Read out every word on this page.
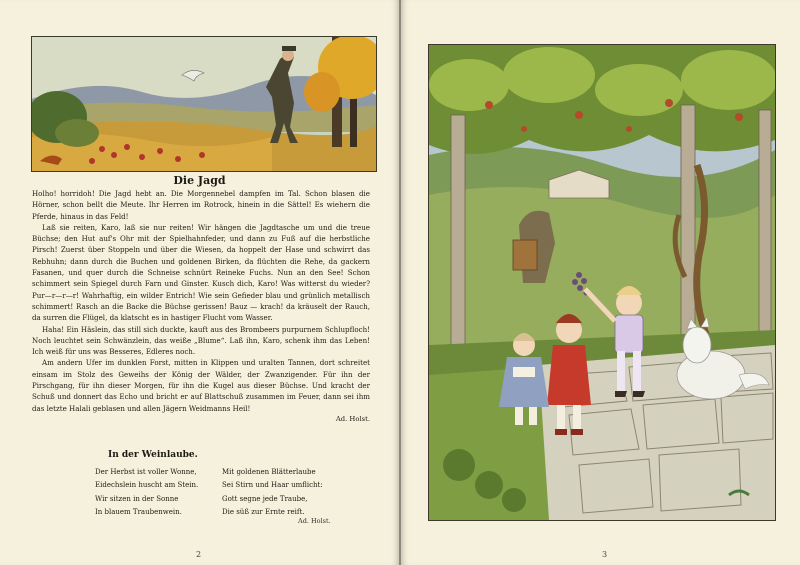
Die Jagd

Holho! horridoh! Die Jagd hebt an. Die Morgennebel dampfen im Tal. Schon blasen die Hörner, schon bellt die Meute. Ihr Herren im Rotrock, hinein in die Sättel! Es wiehern die Pferde, hinaus in das Feld!

Laß sie reiten, Karo, laß sie nur reiten! Wir hängen die Jagdtasche um und die treue Büchse; den Hut auf's Ohr mit der Spielhahnfeder, und dann zu Fuß auf die herbstliche Pirsch! Zuerst über Stoppeln und über die Wiesen, da hoppelt der Hase und schwirrt das Rebhuhn; dann durch die Buchen und goldenen Birken, da flüchten die Rehe, da gackern Fasanen, und quer durch die Schneise schnürt Reineke Fuchs. Nun an den See! Schon schimmert sein Spiegel durch Farn und Ginster. Kusch dich, Karo! Was witterst du wieder? Pur—r—r—r! Wahrhaftig, ein wilder Entrich! Wie sein Gefieder blau und grünlich metallisch schimmert! Rasch an die Backe die Büchse gerissen! Bauz — krach! da kräuselt der Rauch, da surren die Flügel, da klatscht es in hastiger Flucht vom Wasser.

Haha! Ein Häslein, das still sich duckte, kauft aus des Brombeers purpurnem Schlupfloch! Noch leuchtet sein Schwänzlein, das weiße „Blume“. Laß ihn, Karo, schenk ihm das Leben! Ich weiß für uns was Besseres, Edleres noch.

Am andern Ufer im dunklen Forst, mitten in Klippen und uralten Tannen, dort schreitet einsam im Stolz des Geweihs der König der Wälder, der Zwanzigender. Für ihn der Pirschgang, für ihn dieser Morgen, für ihn die Kugel aus dieser Büchse. Und kracht der Schuß und donnert das Echo und bricht er auf Blattschuß zusammen im Feuer, dann sei ihm das letzte Halali geblasen und allen Jägern Weidmanns Heil!

Ad. Holst.
In der Weinlaube.
Der Herbst ist voller Wonne,
Eidechslein huscht am Stein.
Wir sitzen in der Sonne
In blauem Traubenwein.
Mit goldenen Blätterlaube
Sei Stirn und Haar umflicht:
Gott segne jede Traube,
Die süß zur Ernte reift.
Ad. Holst.
2	3
